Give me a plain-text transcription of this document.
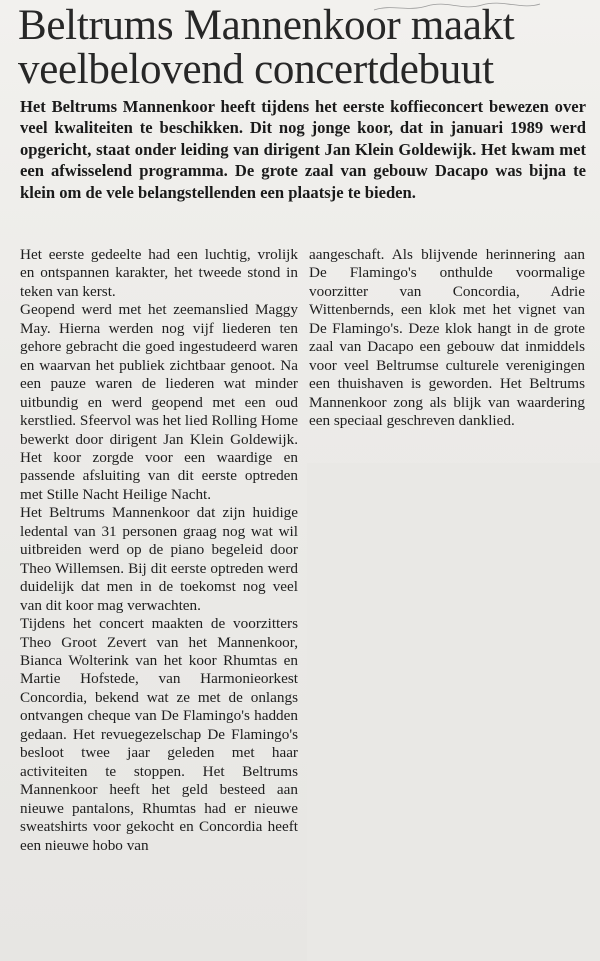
Beltrums Mannenkoor maakt veelbelovend concertdebuut

Het Beltrums Mannenkoor heeft tijdens het eerste koffieconcert bewezen over veel kwaliteiten te beschikken. Dit nog jonge koor, dat in januari 1989 werd opgericht, staat onder leiding van dirigent Jan Klein Goldewijk. Het kwam met een afwisselend programma. De grote zaal van gebouw Dacapo was bijna te klein om de vele belangstellenden een plaatsje te bieden.

Het eerste gedeelte had een luchtig, vrolijk en ontspannen karakter, het tweede stond in teken van kerst.

Geopend werd met het zeemanslied Maggy May. Hierna werden nog vijf liederen ten gehore gebracht die goed ingestudeerd waren en waarvan het publiek zichtbaar genoot. Na een pauze waren de liederen wat minder uitbundig en werd geopend met een oud kerstlied. Sfeervol was het lied Rolling Home bewerkt door dirigent Jan Klein Goldewijk. Het koor zorgde voor een waardige en passende afsluiting van dit eerste optreden met Stille Nacht Heilige Nacht.

Het Beltrums Mannenkoor dat zijn huidige ledental van 31 personen graag nog wat wil uitbreiden werd op de piano begeleid door Theo Willemsen. Bij dit eerste optreden werd duidelijk dat men in de toekomst nog veel van dit koor mag verwachten.

Tijdens het concert maakten de voorzitters Theo Groot Zevert van het Mannenkoor, Bianca Wolterink van het koor Rhumtas en Martie Hofstede, van Harmonieorkest Concordia, bekend wat ze met de onlangs ontvangen cheque van De Flamingo's hadden gedaan. Het revuegezelschap De Flamingo's besloot twee jaar geleden met haar activiteiten te stoppen. Het Beltrums Mannenkoor heeft het geld besteed aan nieuwe pantalons, Rhumtas had er nieuwe sweatshirts voor gekocht en Concordia heeft een nieuwe hobo van

aangeschaft. Als blijvende herinnering aan De Flamingo's onthulde voormalige voorzitter van Concordia, Adrie Wittenbernds, een klok met het vignet van De Flamingo's. Deze klok hangt in de grote zaal van Dacapo een gebouw dat inmiddels voor veel Beltrumse culturele verenigingen een thuishaven is geworden. Het Beltrums Mannenkoor zong als blijk van waardering een speciaal geschreven danklied.
